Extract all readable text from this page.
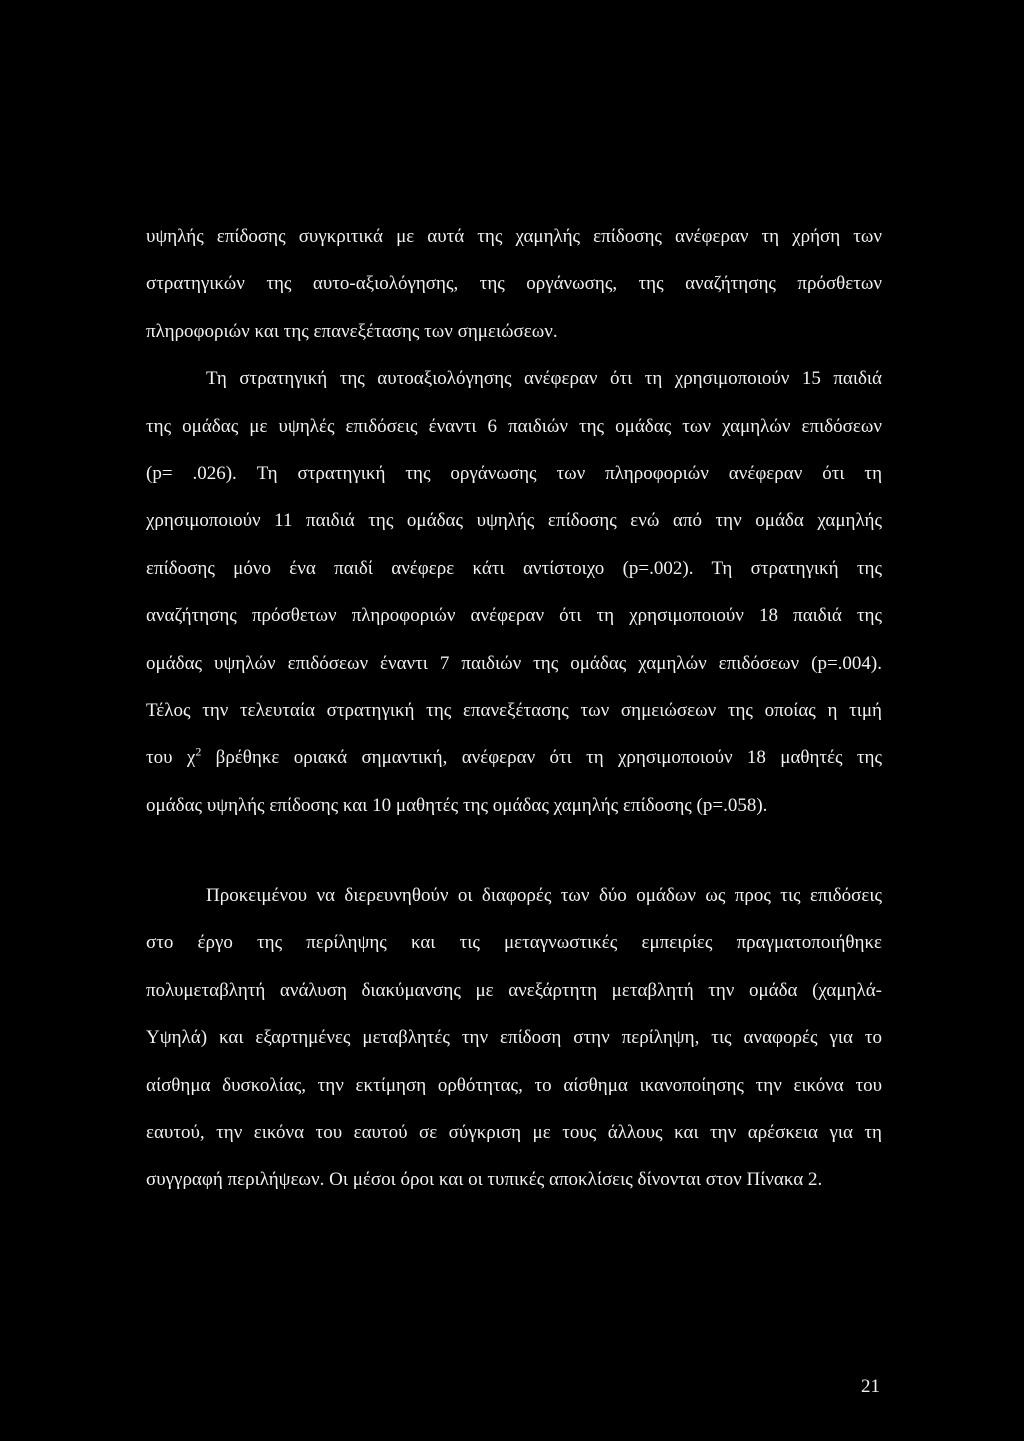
υψηλής επίδοσης συγκριτικά με αυτά της χαμηλής επίδοσης ανέφεραν τη χρήση των
στρατηγικών της αυτο-αξιολόγησης, της οργάνωσης, της αναζήτησης πρόσθετων
πληροφοριών και της επανεξέτασης των σημειώσεων.
Τη στρατηγική της αυτοαξιολόγησης ανέφεραν ότι τη χρησιμοποιούν 15 παιδιά
της ομάδας με υψηλές επιδόσεις έναντι 6 παιδιών της ομάδας των χαμηλών επιδόσεων
(p= .026). Τη στρατηγική της οργάνωσης των πληροφοριών ανέφεραν ότι τη
χρησιμοποιούν 11 παιδιά της ομάδας υψηλής επίδοσης ενώ από την ομάδα χαμηλής
επίδοσης μόνο ένα παιδί ανέφερε κάτι αντίστοιχο (p=.002). Τη στρατηγική της
αναζήτησης πρόσθετων πληροφοριών ανέφεραν ότι τη χρησιμοποιούν 18 παιδιά της
ομάδας υψηλών επιδόσεων έναντι 7 παιδιών της ομάδας χαμηλών επιδόσεων (p=.004).
Τέλος την τελευταία στρατηγική της επανεξέτασης των σημειώσεων της οποίας η τιμή
του $\chi^2$ βρέθηκε οριακά σημαντική, ανέφεραν ότι τη χρησιμοποιούν 18 μαθητές της
ομάδας υψηλής επίδοσης και 10 μαθητές της ομάδας χαμηλής επίδοσης (p=.058).
Προκειμένου να διερευνηθούν οι διαφορές των δύο ομάδων ως προς τις επιδόσεις
στο έργο της περίληψης και τις μεταγνωστικές εμπειρίες πραγματοποιήθηκε
πολυμεταβλητή ανάλυση διακύμανσης με ανεξάρτητη μεταβλητή την ομάδα (χαμηλά-
Υψηλά) και εξαρτημένες μεταβλητές την επίδοση στην περίληψη, τις αναφορές για το
αίσθημα δυσκολίας, την εκτίμηση ορθότητας, το αίσθημα ικανοποίησης την εικόνα του
εαυτού, την εικόνα του εαυτού σε σύγκριση με τους άλλους και την αρέσκεια για τη
συγγραφή περιλήψεων. Οι μέσοι όροι και οι τυπικές αποκλίσεις δίνονται στον Πίνακα 2.
21
